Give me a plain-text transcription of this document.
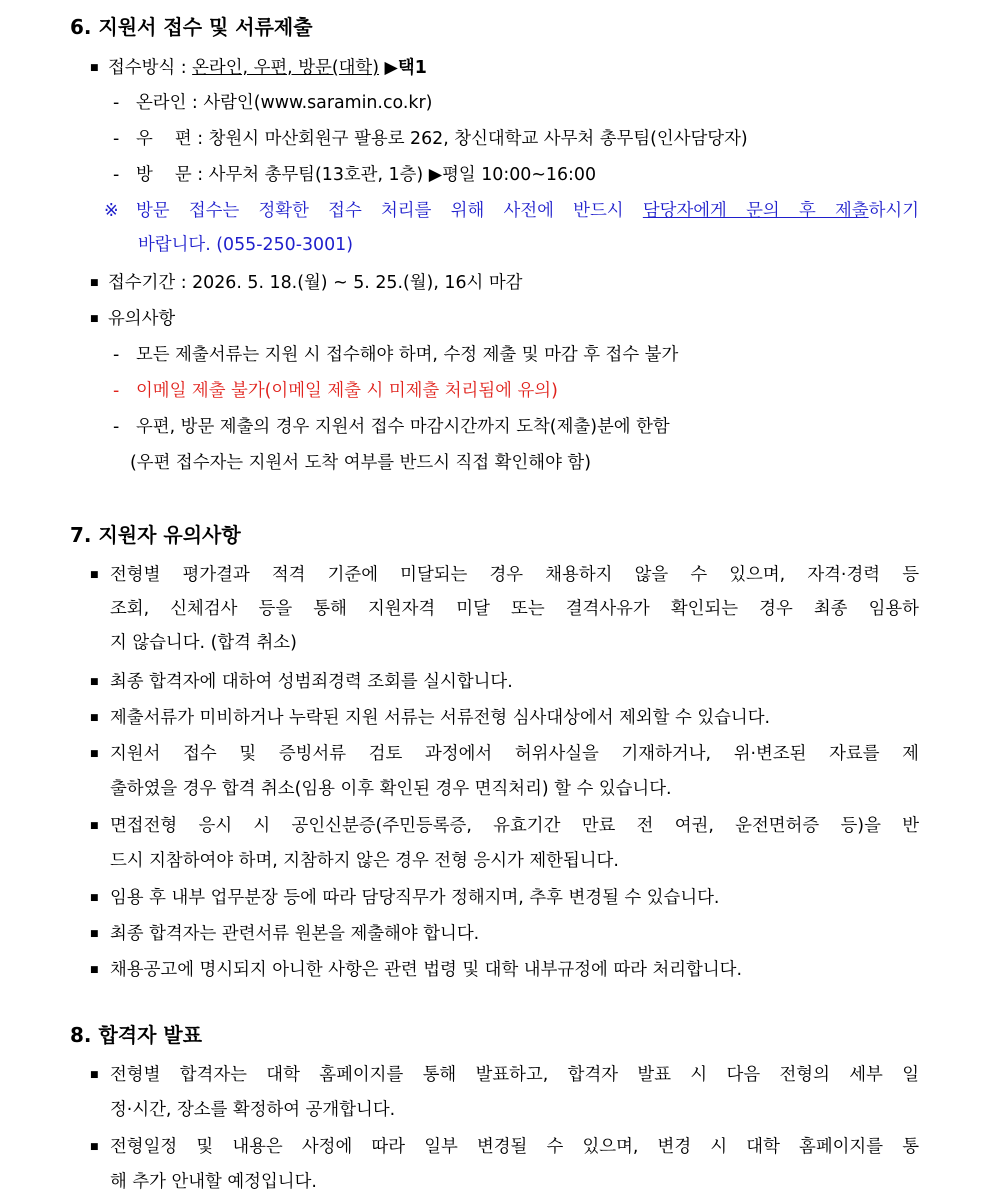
6. 지원서 접수 및 서류제출
■ 접수방식 : 온라인, 우편, 방문(대학) ▶택1
- 온라인 : 사람인(www.saramin.co.kr)
- 우    편 : 창원시 마산회원구 팔용로 262, 창신대학교 사무처 총무팀(인사담당자)
- 방    문 : 사무처 총무팀(13호관, 1층) ▶평일 10:00~16:00
※ 방문 접수는 정확한 접수 처리를 위해 사전에 반드시 담당자에게 문의 후 제출하시기
바랍니다. (055-250-3001)
■ 접수기간 : 2026. 5. 18.(월) ~ 5. 25.(월), 16시 마감
■ 유의사항
- 모든 제출서류는 지원 시 접수해야 하며, 수정 제출 및 마감 후 접수 불가
- 이메일 제출 불가(이메일 제출 시 미제출 처리됨에 유의)
- 우편, 방문 제출의 경우 지원서 접수 마감시간까지 도착(제출)분에 한함
(우편 접수자는 지원서 도착 여부를 반드시 직접 확인해야 함)
7. 지원자 유의사항
■ 전형별 평가결과 적격 기준에 미달되는 경우 채용하지 않을 수 있으며, 자격·경력 등
조회, 신체검사 등을 통해 지원자격 미달 또는 결격사유가 확인되는 경우 최종 임용하
지 않습니다. (합격 취소)
■ 최종 합격자에 대하여 성범죄경력 조회를 실시합니다.
■ 제출서류가 미비하거나 누락된 지원 서류는 서류전형 심사대상에서 제외할 수 있습니다.
■ 지원서 접수 및 증빙서류 검토 과정에서 허위사실을 기재하거나, 위·변조된 자료를 제
출하였을 경우 합격 취소(임용 이후 확인된 경우 면직처리) 할 수 있습니다.
■ 면접전형 응시 시 공인신분증(주민등록증, 유효기간 만료 전 여권, 운전면허증 등)을 반
드시 지참하여야 하며, 지참하지 않은 경우 전형 응시가 제한됩니다.
■ 임용 후 내부 업무분장 등에 따라 담당직무가 정해지며, 추후 변경될 수 있습니다.
■ 최종 합격자는 관련서류 원본을 제출해야 합니다.
■ 채용공고에 명시되지 아니한 사항은 관련 법령 및 대학 내부규정에 따라 처리합니다.
8. 합격자 발표
■ 전형별 합격자는 대학 홈페이지를 통해 발표하고, 합격자 발표 시 다음 전형의 세부 일
정·시간, 장소를 확정하여 공개합니다.
■ 전형일정 및 내용은 사정에 따라 일부 변경될 수 있으며, 변경 시 대학 홈페이지를 통
해 추가 안내할 예정입니다.
